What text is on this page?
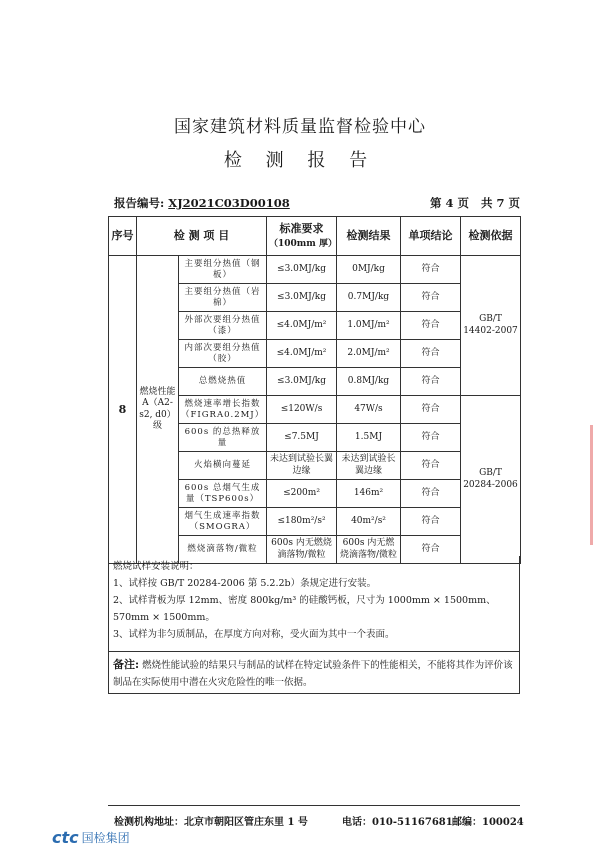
国家建筑材料质量监督检验中心
检 测 报 告
报告编号: XJ2021C03D00108	第 4 页 共 7 页
序号	检 测 项 目		标准要求
（100mm 厚）	检测结果	单项结论	检测依据
8	燃烧性能 A（A2-s2, d0）级	主要组分热值（钢板）	≤3.0MJ/kg	0MJ/kg	符合	GB/T 14402-2007
		主要组分热值（岩棉）	≤3.0MJ/kg	0.7MJ/kg	符合	
		外部次要组分热值（漆）	≤4.0MJ/m²	1.0MJ/m²	符合	
		内部次要组分热值（胶）	≤4.0MJ/m²	2.0MJ/m²	符合	
		总燃烧热值	≤3.0MJ/kg	0.8MJ/kg	符合	
		燃烧速率增长指数（FIGRA0.2MJ）	≤120W/s	47W/s	符合	GB/T 20284-2006
		600s 的总热释放量	≤7.5MJ	1.5MJ	符合	
		火焰横向蔓延	未达到试验长翼边缘	未达到试验长翼边缘	符合	
		600s 总烟气生成量（TSP600s）	≤200m²	146m²	符合	
		烟气生成速率指数（SMOGRA）	≤180m²/s²	40m²/s²	符合	
		燃烧滴落物/微粒	600s 内无燃烧滴落物/微粒	600s 内无燃烧滴落物/微粒	符合	
燃烧试样安装说明：
1、试样按 GB/T 20284-2006 第 5.2.2b）条规定进行安装。
2、试样背板为厚 12mm、密度 800kg/m³ 的硅酸钙板，尺寸为 1000mm × 1500mm、570mm × 1500mm。
3、试样为非匀质制品，在厚度方向对称，受火面为其中一个表面。
备注: 燃烧性能试验的结果只与制品的试样在特定试验条件下的性能相关，不能将其作为评价该制品在实际使用中潜在火灾危险性的唯一依据。
检测机构地址：北京市朝阳区管庄东里 1 号	电话：010-51167681 邮编：100024
ctc 国检集团
